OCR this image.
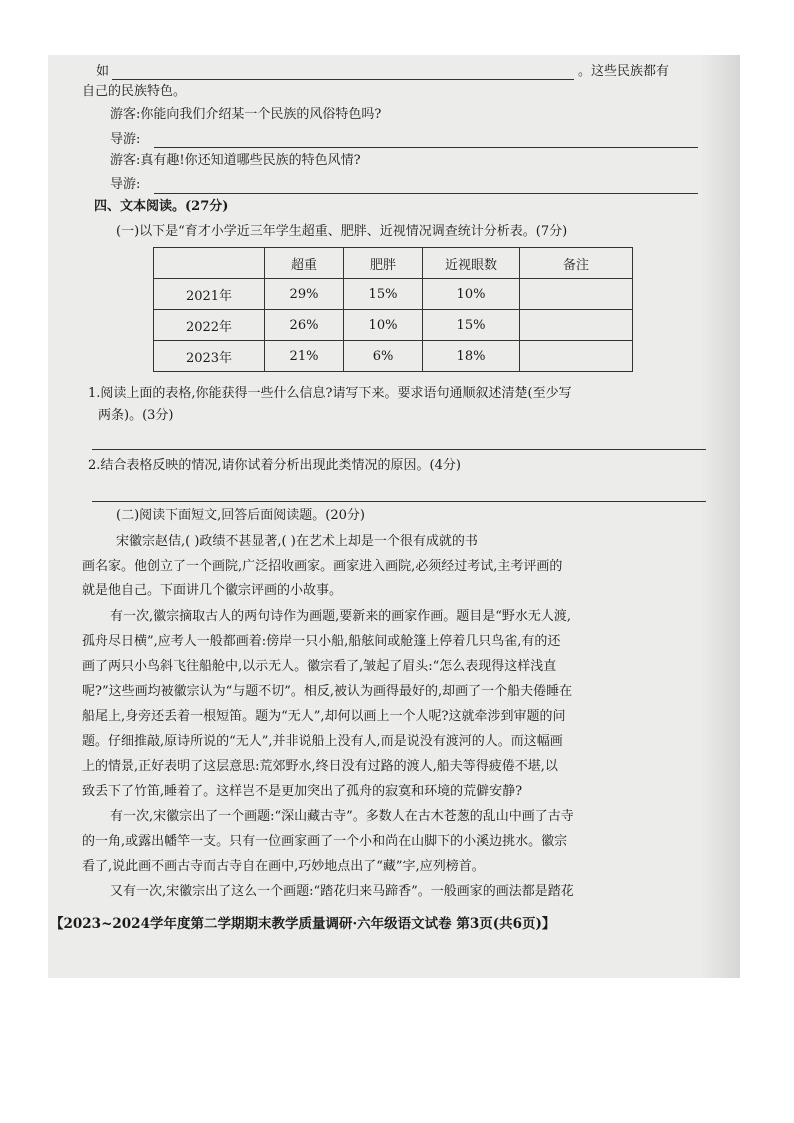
如	。这些民族都有
自己的民族特色。
游客:你能向我们介绍某一个民族的风俗特色吗?
导游:
游客:真有趣!你还知道哪些民族的特色风情?
导游:
四、文本阅读。(27分)
(一)以下是“育才小学近三年学生超重、肥胖、近视情况调查统计分析表。(7分)
	超重	肥胖	近视眼数	备注
2021年	29%	15%	10%	
2022年	26%	10%	15%	
2023年	21%	6%	18%	
1.阅读上面的表格,你能获得一些什么信息?请写下来。要求语句通顺叙述清楚(至少写
两条)。(3分)
2.结合表格反映的情况,请你试着分析出现此类情况的原因。(4分)
(二)阅读下面短文,回答后面阅读题。(20分)
宋徽宗赵佶,( )政绩不甚显著,( )在艺术上却是一个很有成就的书
画名家。他创立了一个画院,广泛招收画家。画家进入画院,必须经过考试,主考评画的
就是他自己。下面讲几个徽宗评画的小故事。
有一次,徽宗摘取古人的两句诗作为画题,要新来的画家作画。题目是“野水无人渡,
孤舟尽日横”,应考人一般都画着:傍岸一只小船,船舷间或舱篷上停着几只鸟雀,有的还
画了两只小鸟斜飞往船舱中,以示无人。徽宗看了,皱起了眉头:“怎么表现得这样浅直
呢?”这些画均被徽宗认为“与题不切”。相反,被认为画得最好的,却画了一个船夫倦睡在
船尾上,身旁还丢着一根短笛。题为“无人”,却何以画上一个人呢?这就牵涉到审题的问
题。仔细推敲,原诗所说的“无人”,并非说船上没有人,而是说没有渡河的人。而这幅画
上的情景,正好表明了这层意思:荒郊野水,终日没有过路的渡人,船夫等得疲倦不堪,以
致丢下了竹笛,睡着了。这样岂不是更加突出了孤舟的寂寞和环境的荒僻安静?
有一次,宋徽宗出了一个画题:“深山藏古寺”。多数人在古木苍葱的乱山中画了古寺
的一角,或露出幡竿一支。只有一位画家画了一个小和尚在山脚下的小溪边挑水。徽宗
看了,说此画不画古寺而古寺自在画中,巧妙地点出了“藏”字,应列榜首。
又有一次,宋徽宗出了这么一个画题:“踏花归来马蹄香”。一般画家的画法都是踏花
【2023~2024学年度第二学期期末教学质量调研·六年级语文试卷 第3页(共6页)】
